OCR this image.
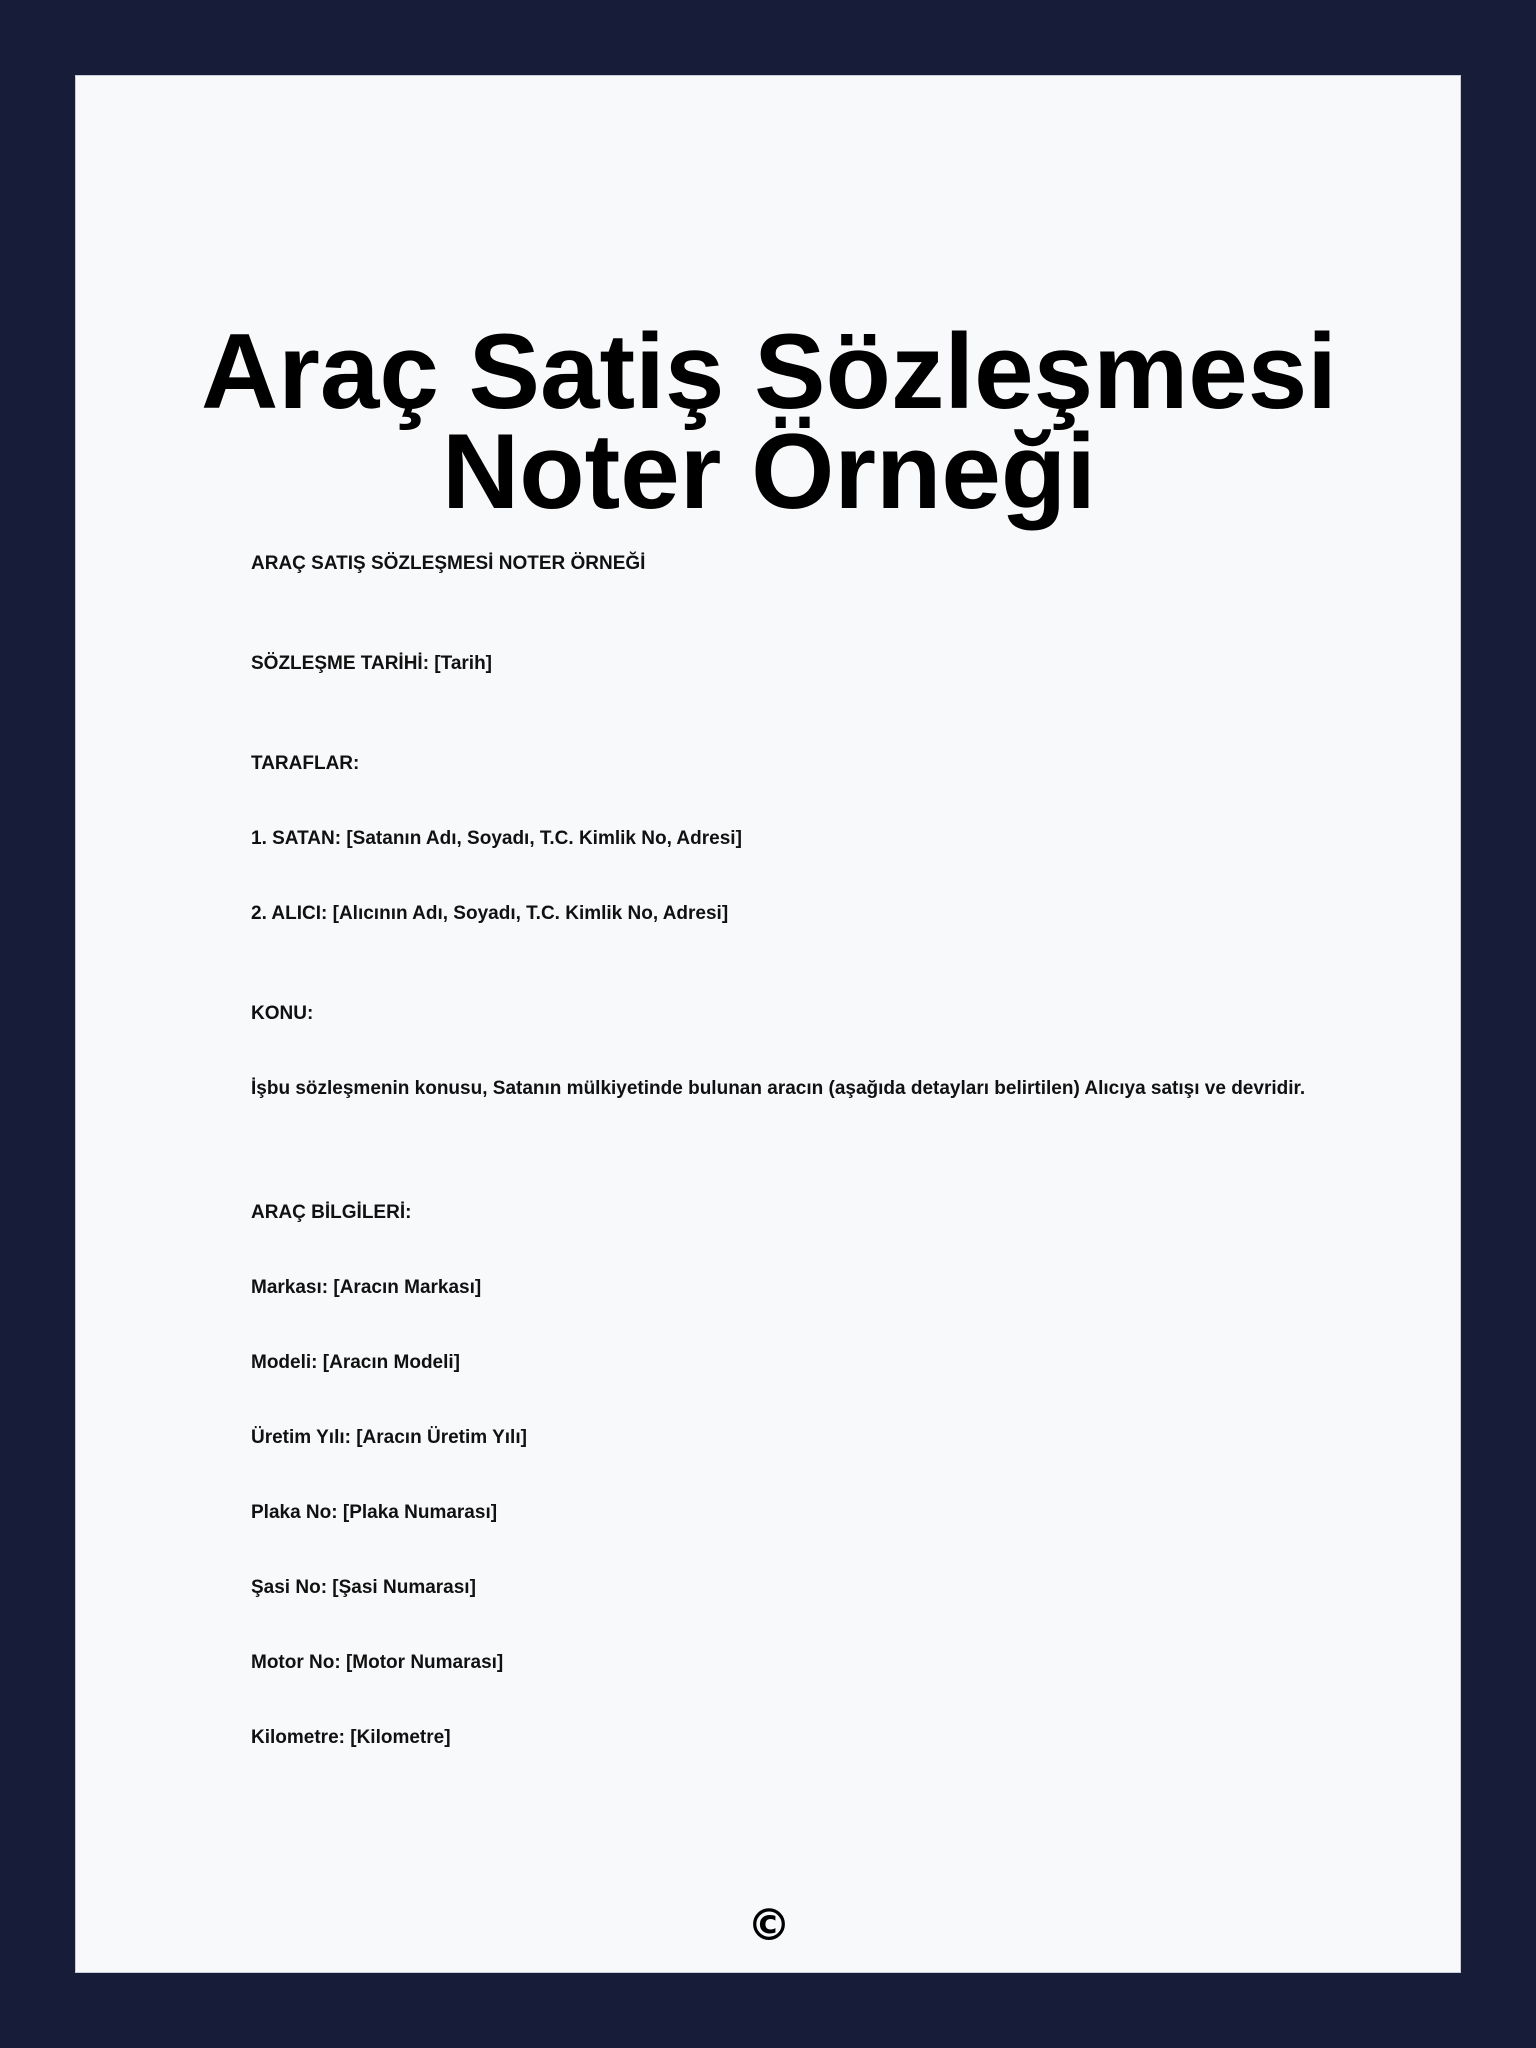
Araç Satiş Sözleşmesi Noter Örneği

ARAÇ SATIŞ SÖZLEŞMESİ NOTER ÖRNEĞİ

SÖZLEŞME TARİHİ: [Tarih]

TARAFLAR:

1. SATAN: [Satanın Adı, Soyadı, T.C. Kimlik No, Adresi]

2. ALICI: [Alıcının Adı, Soyadı, T.C. Kimlik No, Adresi]

KONU:

İşbu sözleşmenin konusu, Satanın mülkiyetinde bulunan aracın (aşağıda detayları belirtilen) Alıcıya satışı ve devridir.

ARAÇ BİLGİLERİ:

Markası: [Aracın Markası]

Modeli: [Aracın Modeli]

Üretim Yılı: [Aracın Üretim Yılı]

Plaka No: [Plaka Numarası]

Şasi No: [Şasi Numarası]

Motor No: [Motor Numarası]

Kilometre: [Kilometre]

©
